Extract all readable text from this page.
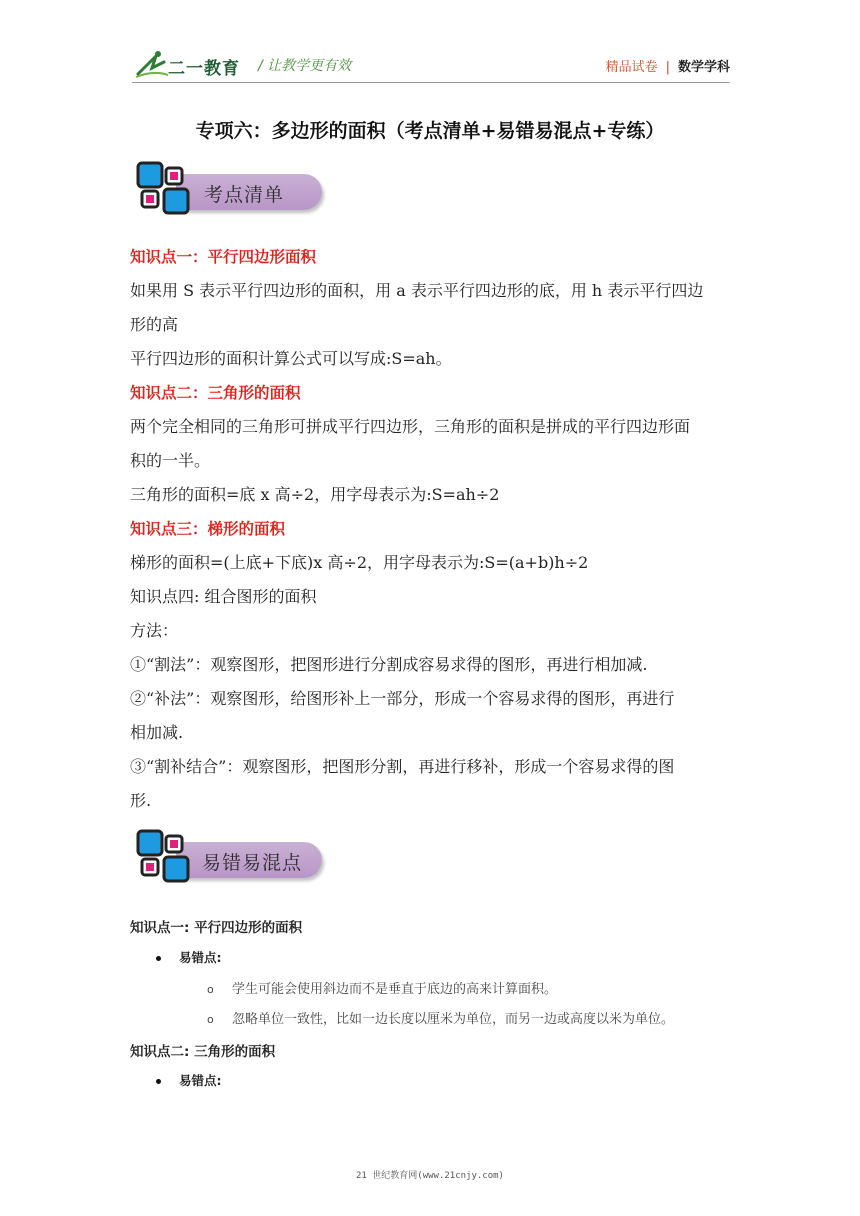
二一教育 / 让教学更有效	精品试卷 | 数学学科
专项六：多边形的面积（考点清单+易错易混点+专练）
考点清单
知识点一：平行四边形面积
如果用 S 表示平行四边形的面积，用 a 表示平行四边形的底，用 h 表示平行四边
形的高
平行四边形的面积计算公式可以写成:S=ah。
知识点二：三角形的面积
两个完全相同的三角形可拼成平行四边形，三角形的面积是拼成的平行四边形面
积的一半。
三角形的面积=底 x 高÷2，用字母表示为:S=ah÷2
知识点三：梯形的面积
梯形的面积=(上底+下底)x 高÷2，用字母表示为:S=(a+b)h÷2
知识点四: 组合图形的面积
方法：
①“割法”：观察图形，把图形进行分割成容易求得的图形，再进行相加减.
②“补法”：观察图形，给图形补上一部分，形成一个容易求得的图形，再进行
相加减.
③“割补结合”：观察图形，把图形分割，再进行移补，形成一个容易求得的图
形.
易错易混点
知识点一: 平行四边形的面积
易错点:
o 学生可能会使用斜边而不是垂直于底边的高来计算面积。
o 忽略单位一致性，比如一边长度以厘米为单位，而另一边或高度以米为单位。
知识点二: 三角形的面积
易错点:
21 世纪教育网(www.21cnjy.com)
